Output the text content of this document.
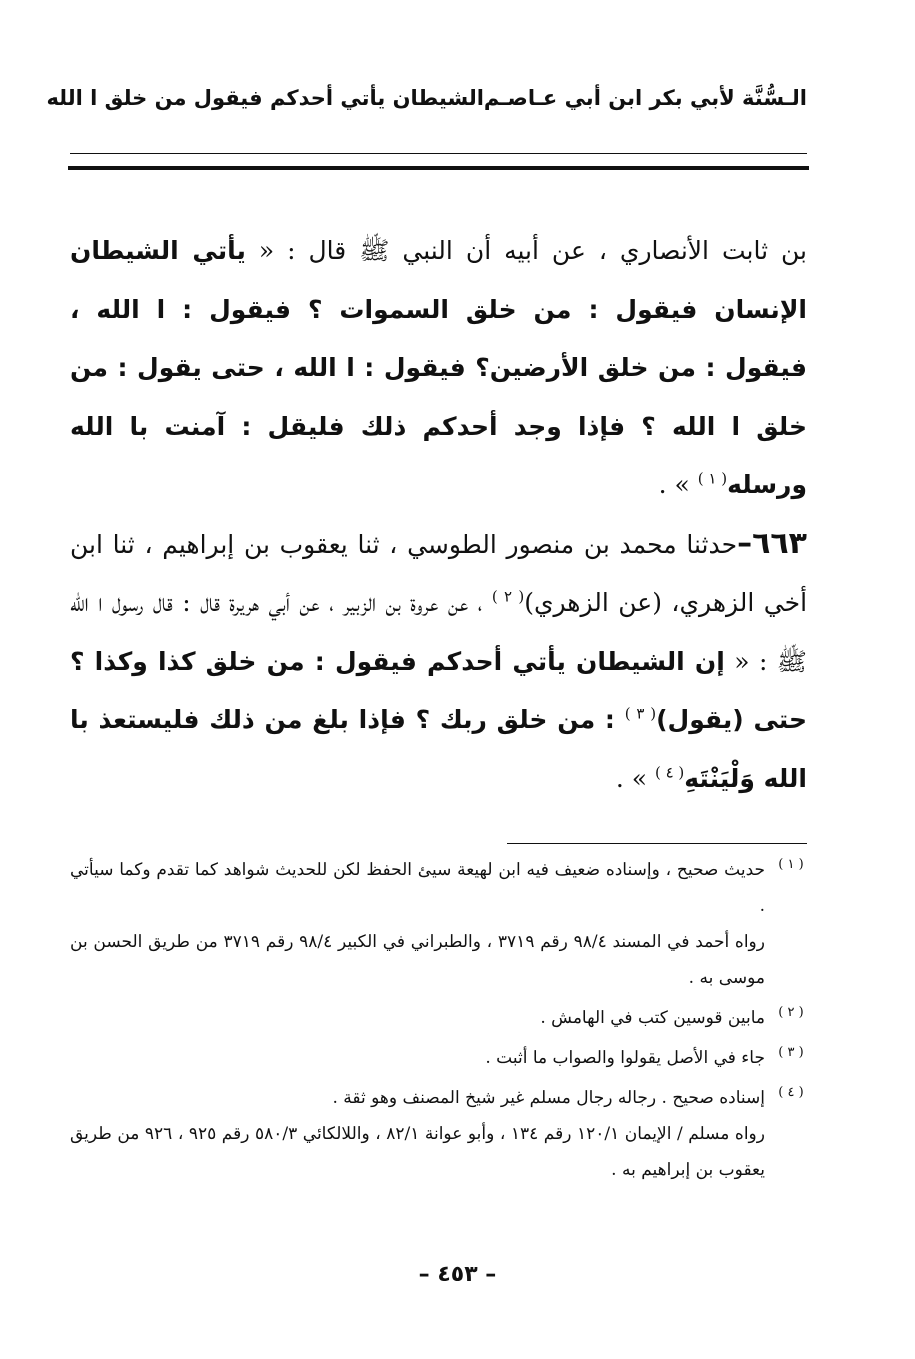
الـسُّنَّة لأبي بكر ابن أبي عـاصـم
الشيطان يأتي أحدكم فيقول من خلق ا الله

بن ثابت الأنصاري ، عن أبيه أن النبي ﷺ قال : « يأتي الشيطان الإنسان فيقول : من خلق السموات ؟ فيقول : ا الله ، فيقول : من خلق الأرضين؟ فيقول : ا الله ، حتى يقول : من خلق ا الله ؟ فإذا وجد أحدكم ذلك فليقل : آمنت با الله ورسله$^{( ١ )}$ » .

٦٦٣–حدثنا محمد بن منصور الطوسي ، ثنا يعقوب بن إبراهيم ، ثنا ابن أخي الزهري، (عن الزهري)$^{( ٢ )}$ ، عن عروة بن الزبير ، عن أبي هريرة قال : قال رسول ا الله ﷺ : « إن الشيطان يأتي أحدكم فيقول : من خلق كذا وكذا ؟ حتى (يقول)$^{( ٣ )}$ : من خلق ربك ؟ فإذا بلغ من ذلك فليستعذ با الله وَلْيَنْتَهِ$^{( ٤ )}$ » .

( ١ )
حديث صحيح ، وإسناده ضعيف فيه ابن لهيعة سيئ الحفظ لكن للحديث شواهد كما تقدم وكما سيأتي .
رواه أحمد في المسند ٩٨/٤ رقم ٣٧١٩ ، والطبراني في الكبير ٩٨/٤ رقم ٣٧١٩ من طريق الحسن بن موسى به .
( ٢ )
مابين قوسين كتب في الهامش .
( ٣ )
جاء في الأصل يقولوا والصواب ما أثبت .
( ٤ )
إسناده صحيح . رجاله رجال مسلم غير شيخ المصنف وهو ثقة .
رواه مسلم / الإيمان ١٢٠/١ رقم ١٣٤ ، وأبو عوانة ٨٢/١ ، واللالكائي ٥٨٠/٣ رقم ٩٢٥ ، ٩٢٦ من طريق يعقوب بن إبراهيم به .
– ٤٥٣ –
